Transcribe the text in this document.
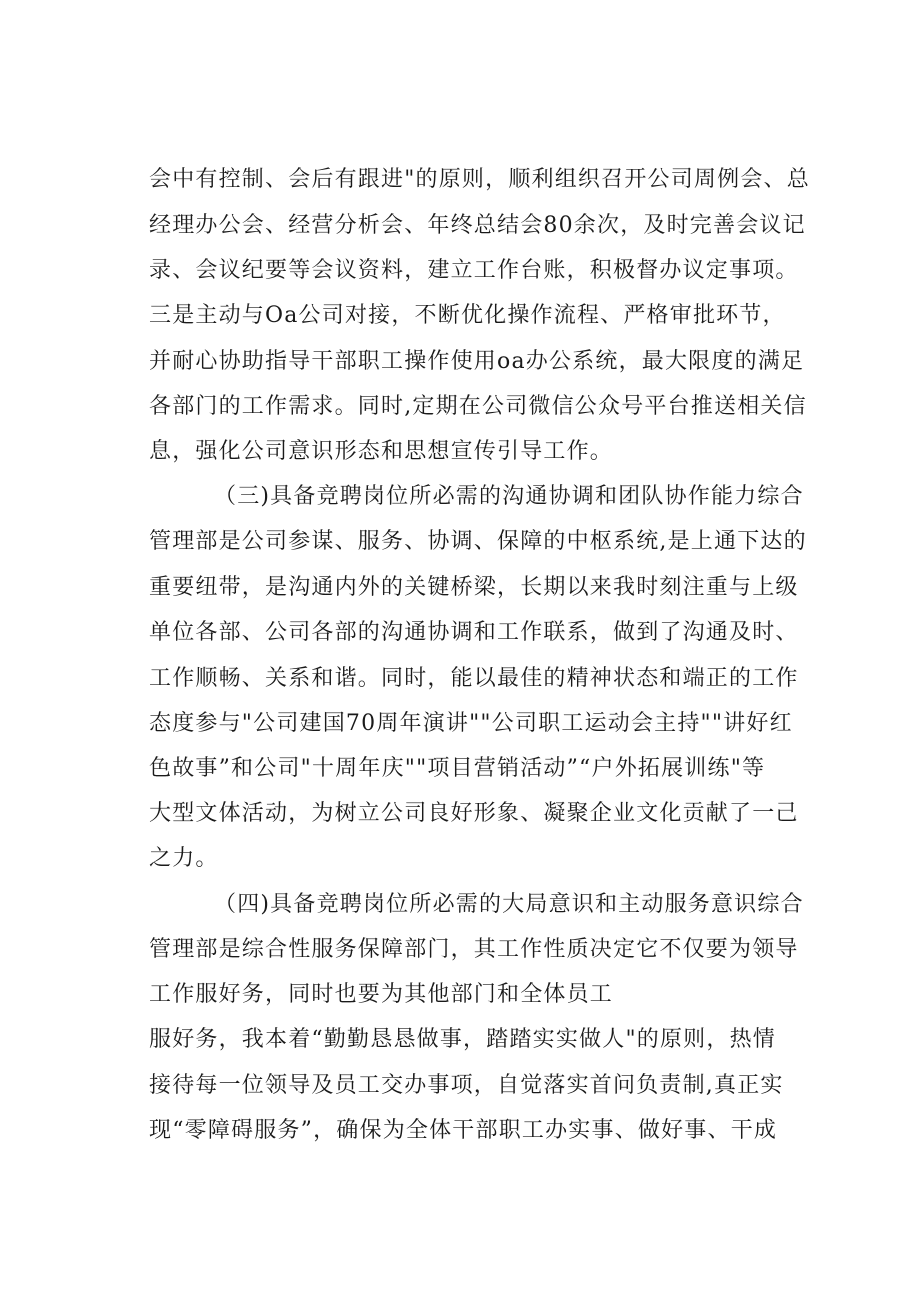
会中有控制、会后有跟进"的原则，顺利组织召开公司周例会、总
经理办公会、经营分析会、年终总结会80余次，及时完善会议记
录、会议纪要等会议资料，建立工作台账，积极督办议定事项。
三是主动与Oa公司对接，不断优化操作流程、严格审批环节，
并耐心协助指导干部职工操作使用oa办公系统，最大限度的满足
各部门的工作需求。同时,定期在公司微信公众号平台推送相关信
息，强化公司意识形态和思想宣传引导工作。
（三)具备竞聘岗位所必需的沟通协调和团队协作能力综合
管理部是公司参谋、服务、协调、保障的中枢系统,是上通下达的
重要纽带，是沟通内外的关键桥梁，长期以来我时刻注重与上级
单位各部、公司各部的沟通协调和工作联系，做到了沟通及时、
工作顺畅、关系和谐。同时，能以最佳的精神状态和端正的工作
态度参与"公司建国70周年演讲""公司职工运动会主持""讲好红
色故事”和公司"十周年庆""项目营销活动”“户外拓展训练"等
大型文体活动，为树立公司良好形象、凝聚企业文化贡献了一己
之力。
（四)具备竞聘岗位所必需的大局意识和主动服务意识综合
管理部是综合性服务保障部门，其工作性质决定它不仅要为领导
工作服好务，同时也要为其他部门和全体员工
服好务，我本着“勤勤恳恳做事，踏踏实实做人"的原则，热情
接待每一位领导及员工交办事项，自觉落实首问负责制,真正实
现“零障碍服务”，确保为全体干部职工办实事、做好事、干成
